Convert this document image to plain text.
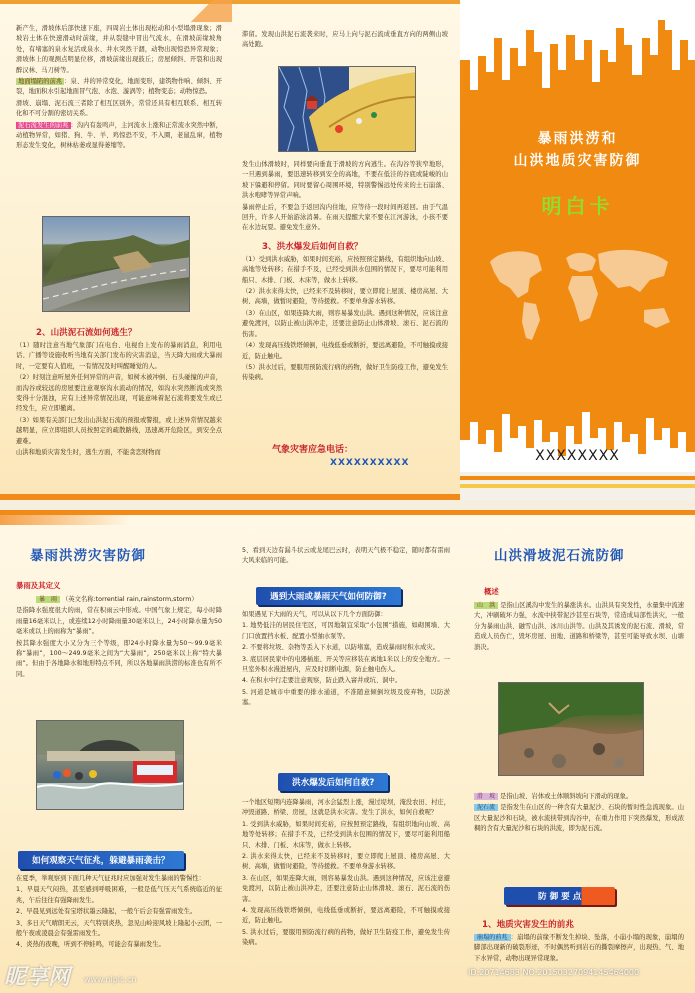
新产生，滑坡体后部快速下座，四周岩土体出现松动和小型塌滑现象；滑坡岩土体在快速滑动时前缘，并从裂缝中冒出气流水，在滑坡前缘坡角处，有堵塞的泉水复活或泉水、井水突然干涸，动物出现惊恐异常现象；滑坡体上的观测点明显位移，滑坡前缘出现鼓丘；房屋倾斜、开裂和出现醉汉林、马刀树等。

地面塌陷的前兆 ：泉、井的异常变化，地面变形，建筑物作响、倾斜、开裂，地面积水引起地面冒气泡、水泡、漩涡等；植物变态；动物惊恐。

滑坡、崩塌、泥石流三者除了相互区别外，常常还具有相互联系、相互转化和不可分割的密切关系。

泥石流发生的前兆 ：沟内有轰鸣声，主河流水上涨和正常流水突然中断，动植物异常，如猪、狗、牛、羊、鸡惊恐不安，不入圈，老鼠乱窜，植物形态发生变化，树林枯萎或显得萎缩等。

2、山洪泥石流如何逃生？

（1）随时注意当地气象部门在电台、电视台上发布的暴雨消息，利用电话、广播等设施收听当地有关部门发布的灾害消息，当天降大雨或大暴雨时，一定要有人值班，一有情况及时叫醒睡觉的人。

（2）时刻注意听屋外任何异常的声音，如树木被冲倒、石头碰撞的声音，而沟谷或较远的房屋要注意观察沟水流动的情况，如沟水突然断流或突然变得十分混浊，应有上述异常情况出现，可能意味着泥石流将要发生或已经发生，应立即撤离。

（3）如果有关部门已发出山洪泥石流的预报或警报，或上述异常情况越来越明显，应立即组织人员按照定的疏散路线，迅速离开危险区，到安全点避难。

山洪和地质灾害发生时，逃生方面，不能贪恋财物而

滞留。发现山洪泥石流袭来时，应马上向与泥石流成垂直方向的两侧山坡高处跑。

发生山体滑坡时，同样要向垂直于滑坡的方向逃生。在沟谷等狭窄地形，一旦遇到暴雨，要迅速转移到安全的高地，不要在低洼的谷底或陡峻的山坡下躲避和停留。同时要留心周围环境，特别警惕远处传来的土石崩落、洪水咆哮等异常声响。

暴雨停止后，不要急于返回沟内住地，应等待一段时间再返回。由于气温回升，许多人开始游泳消暑。在雨天提醒大家不要在江河游泳，小孩不要在水边玩耍。避免发生意外。

3、洪水爆发后如何自救？

（1）受到洪水威胁，如果时间充裕，应按照预定路线，有组织地向山坡、高地等处转移；在措手不及，已经受到洪水包围的情况下，要尽可能利用船只、木排、门板、木床等，做水上转移。

（2）洪水来得太快，已经来不及转移时，要立即爬上屋顶、楼房高屋、大树、高墙，做暂时避险，等待援救。不要单身游水转移。

（3）在山区，如果连降大雨，则容易暴发山洪。遇到这种情况，应该注意避免渡河，以防止被山洪冲走，还要注意防止山体滑坡、滚石、泥石流的伤害。

（4）发现高压线铁塔倾倒，电线低垂或断折，要远离避险，不可触摸或接近，防止触电。

（5）洪水过后，要服用预防流行病的药物，做好卫生防疫工作，避免发生传染病。

气象灾害应急电话：
XXXXXXXXXX
暴雨洪涝和
山洪地质灾害防御
明白卡
XXXXXXXX
暴雨洪涝灾害防御
暴雨及其定义

暴　雨 （英文名称:torrential rain,rainstorm,storm）

是指降水强度很大的雨，常在积雨云中形成。中国气象上规定，每小时降雨量16毫米以上，或连续12小时降雨量30毫米以上，24小时降水量为50毫米或以上的雨称为“暴雨”。

按其降水强度大小又分为三个等级，即24小时降水量为50～99.9毫米称“暴雨”，100～249.9毫米之间为“大暴雨”，250毫米以上称“特大暴雨”。但由于各地降水和地形特点不同，所以各地暴雨洪涝的标准也有所不同。

如何观察天气征兆，躲避暴雨袭击？

在夏季，举观察到下面几种天气征兆时应加强对发生暴雨的警惕性：

1、早晨天气闷热，甚至感到呼吸困难，一般是低气压天气系统临近的征兆，午后往往有强降雨发生。

2、早晨见到远处有宝塔状墨云隆起，一般午后会有强雷雨发生。

3、多日天气晴朗无云，天气特别炎热，忽见山岭迎风坡上隆起小云团，一般午夜或凌晨会有强雷雨发生。

4、炎热的夜晚，听到不停蛙鸣，可能会有暴雨发生。

5、看到天边有漏斗状云或龙尾巴云时，表明天气极不稳定，随时都有雷雨大风来临的可能。

遇到大雨或暴雨天气如何防御?

如果遇见下大雨的天气，可以从以下几个方面防御：

1. 地势低洼的居民住宅区，可因地制宜采取“小包围”措施，如砌围墙、大门口放置挡水板、配置小型抽水泵等。

2. 不要将垃圾、杂物等丢入下水道，以防堵塞，造成暴雨时积水成灾。

3. 底层居民家中的电器插座、开关等应移装在离地1米以上的安全地方。一旦室外积水漫进屋内，应及时切断电源，防止触电伤人。

4. 在积水中行走要注意观察，防止跌入窨井或坑、洞中。

5. 河道是城市中重要的排水通道，不准随意倾倒垃圾及废弃物，以防淤塞。

洪水爆发后如何自救?

一个地区短期内连降暴雨，河水会猛烈上涨，漫过堤坝，淹没农田、村庄，冲毁道路、桥梁、房屋，这就是洪水灾害。发生了洪水，如何自救呢？

1. 受到洪水威胁，如果时间充裕，应按照预定路线，有组织地向山坡、高地等处转移；在措手不及，已经受到洪水包围的情况下，要尽可能利用船只、木排、门板、木床等，做水上转移。

2. 洪水来得太快，已经来不及转移时，要立即爬上屋顶、楼房高屋、大树、高墙，做暂时避险，等待援救。不要单身游水转移。

3. 在山区，如果连降大雨，则容易暴发山洪。遇到这种情况，应该注意避免渡河，以防止被山洪冲走，还要注意防止山体滑坡、滚石、泥石流的伤害。

4. 发现高压线铁塔倾倒，电线低垂或断折，要远离避险，不可触摸或接近，防止触电。

5. 洪水过后，要服用预防流行病的药物，做好卫生防疫工作，避免发生传染病。

山洪滑坡泥石流防御
概述

山　洪 是指山区溪沟中发生的暴涨洪水。山洪具有突发性，水量集中流速大，冲刷破坏力强，水流中挟带泥沙甚至石块等，常造成局部性洪灾，一般分为暴雨山洪、融雪山洪、冰川山洪等。山洪及其诱发的泥石流、滑坡，常造成人员伤亡，毁坏房屋、田地、道路和桥梁等，甚至可能导致水坝、山塘溃决。

滑　坡 是指山坡、岩体或土体顺斜坡向下滑动的现象。

泥石流 是指发生在山区的一种含有大量泥沙、石块的暂时性急流现象。山区大量泥沙和石块，被水流挟带到沟谷中，在重力作用下突然爆发，形成浓稠的含有大量泥沙和石块的洪流，即为泥石流。

防 御 要 点
1、地质灾害发生的前兆

崩塌的前兆 ：崩塌的前缘不断发生掉块、坠落，小崩小塌的现象，崩塌的脚部出现新的破裂形迹，不时偶然听到岩石的撕裂摩擦声，出现热、气、地下水异常，动物出现异常现象。

昵享网 www.nipic.cn
ID:20714683 NO:20150327094145464000
